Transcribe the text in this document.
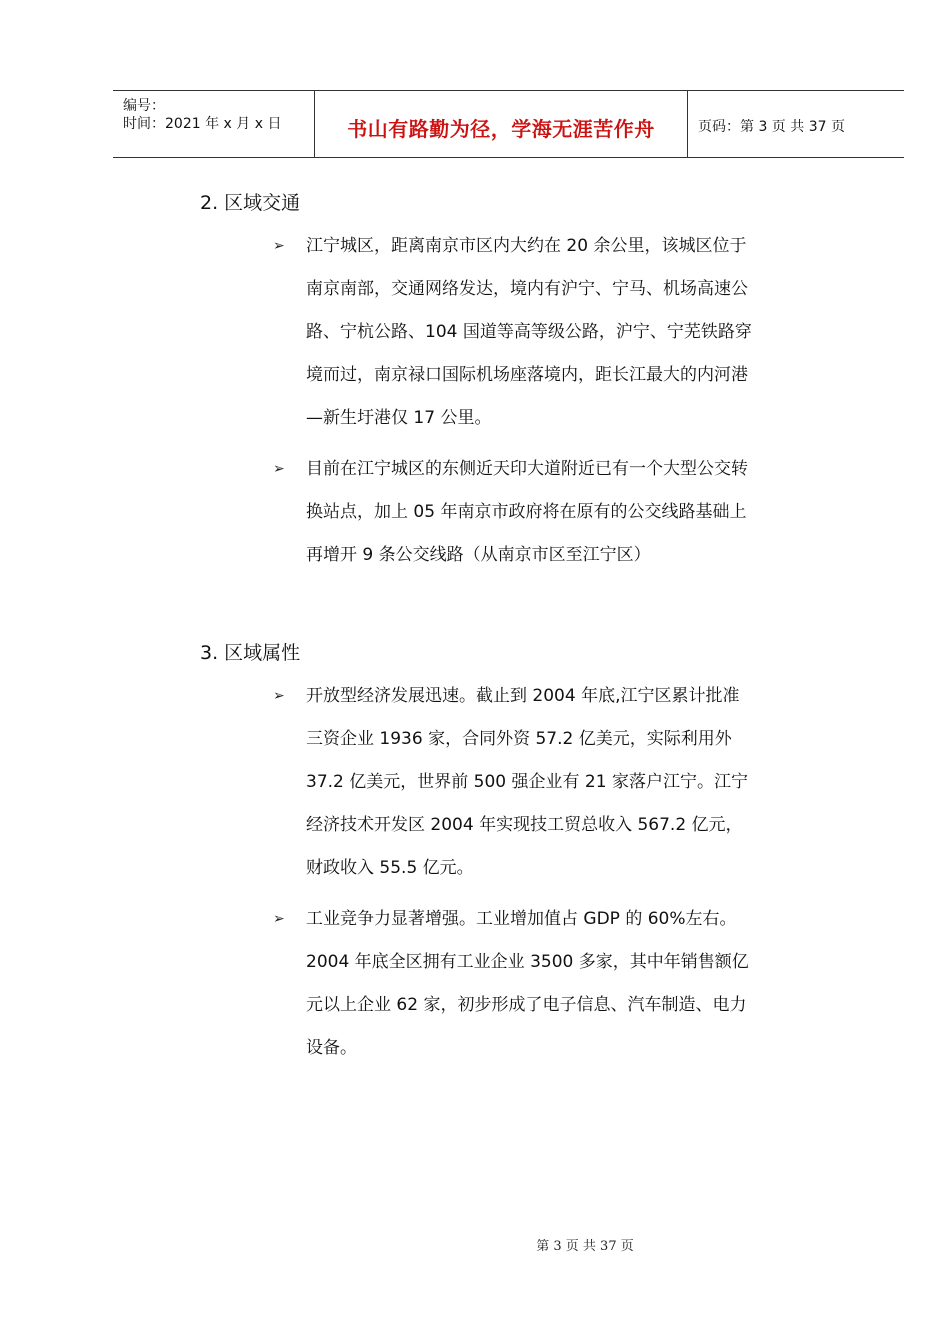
编号：
时间：2021 年 x 月 x 日	书山有路勤为径，学海无涯苦作舟	页码：第 3 页 共 37 页
2. 区域交通
➢ 江宁城区，距离南京市区内大约在 20 余公里，该城区位于
南京南部，交通网络发达，境内有沪宁、宁马、机场高速公
路、宁杭公路、104 国道等高等级公路，沪宁、宁芜铁路穿
境而过，南京禄口国际机场座落境内，距长江最大的内河港
—新生圩港仅 17 公里。
➢ 目前在江宁城区的东侧近天印大道附近已有一个大型公交转
换站点，加上 05 年南京市政府将在原有的公交线路基础上
再增开 9 条公交线路（从南京市区至江宁区）
3. 区域属性
➢ 开放型经济发展迅速。截止到 2004 年底,江宁区累计批准
三资企业 1936 家，合同外资 57.2 亿美元，实际利用外
37.2 亿美元，世界前 500 强企业有 21 家落户江宁。江宁
经济技术开发区 2004 年实现技工贸总收入 567.2 亿元，
财政收入 55.5 亿元。
➢ 工业竞争力显著增强。工业增加值占 GDP 的 60%左右。
2004 年底全区拥有工业企业 3500 多家，其中年销售额亿
元以上企业 62 家，初步形成了电子信息、汽车制造、电力
设备。
第 3 页 共 37 页
